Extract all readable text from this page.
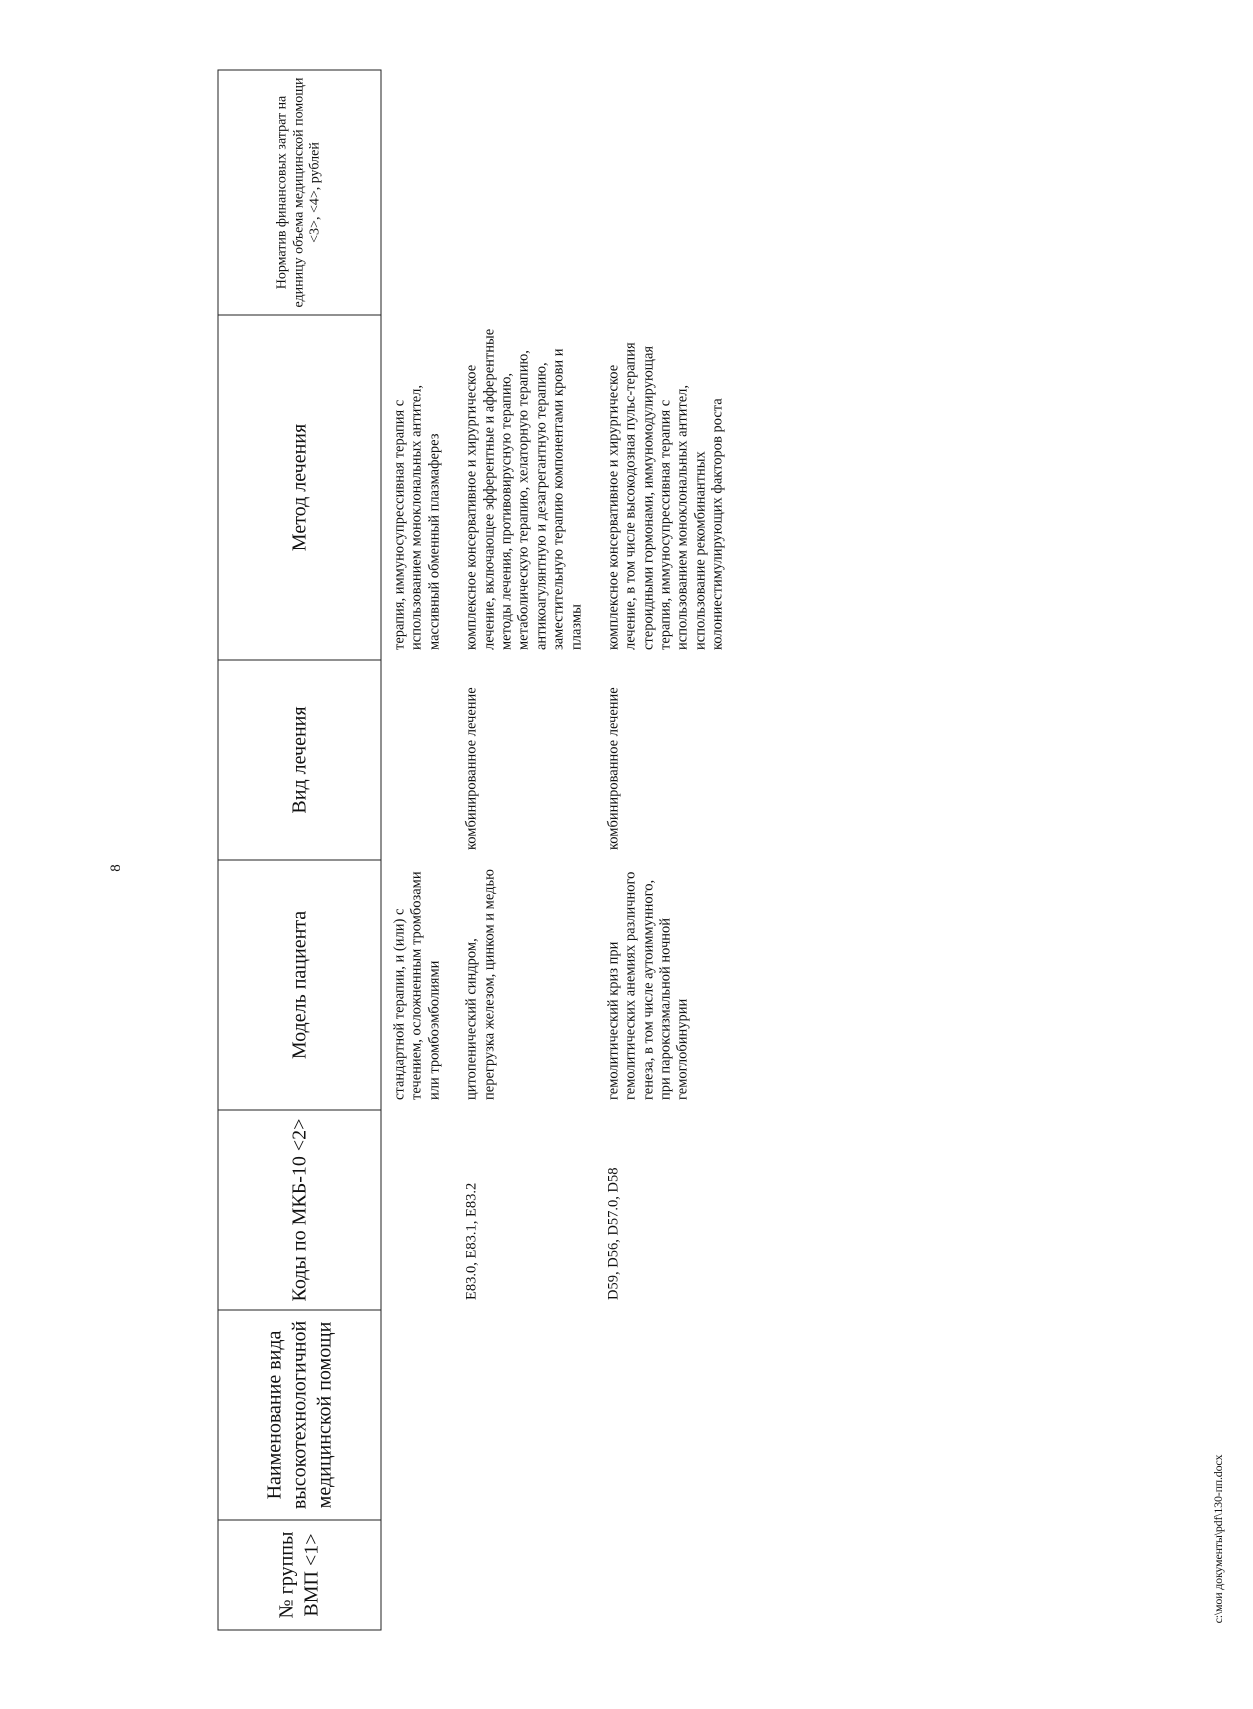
8
№ группы ВМП <1>	Наименование вида высокотехнологичной медицинской помощи	Коды по МКБ-10 <2>	Модель пациента	Вид лечения	Метод лечения	Норматив финансовых затрат на единицу объема медицинской помощи <3>, <4>, рублей
			стандартной терапии, и (или) с течением, осложненным тромбозами или тромбоэмболиями		терапия, иммуносупрессивная терапия с использованием моноклональных антител, массивный обменный плазмаферез	
		E83.0, E83.1, E83.2	цитопенический синдром, перегрузка железом, цинком и медью	комбинированное лечение	комплексное консервативное и хирургическое лечение, включающее эфферентные и афферентные методы лечения, противовирусную терапию, метаболическую терапию, хелаторную терапию, антикоагулянтную и дезагрегантную терапию, заместительную терапию компонентами крови и плазмы	
		D59, D56, D57.0, D58	гемолитический криз при гемолитических анемиях различного генеза, в том числе аутоиммунного, при пароксизмальной ночной гемоглобинурии	комбинированное лечение	комплексное консервативное и хирургическое лечение, в том числе высокодозная пульс-терапия стероидными гормонами, иммуномодулирующая терапия, иммуносупрессивная терапия с использованием моноклональных антител, использование рекомбинантных колониестимулирующих факторов роста	
c:\мои документы\pdf\130-пп.docx
